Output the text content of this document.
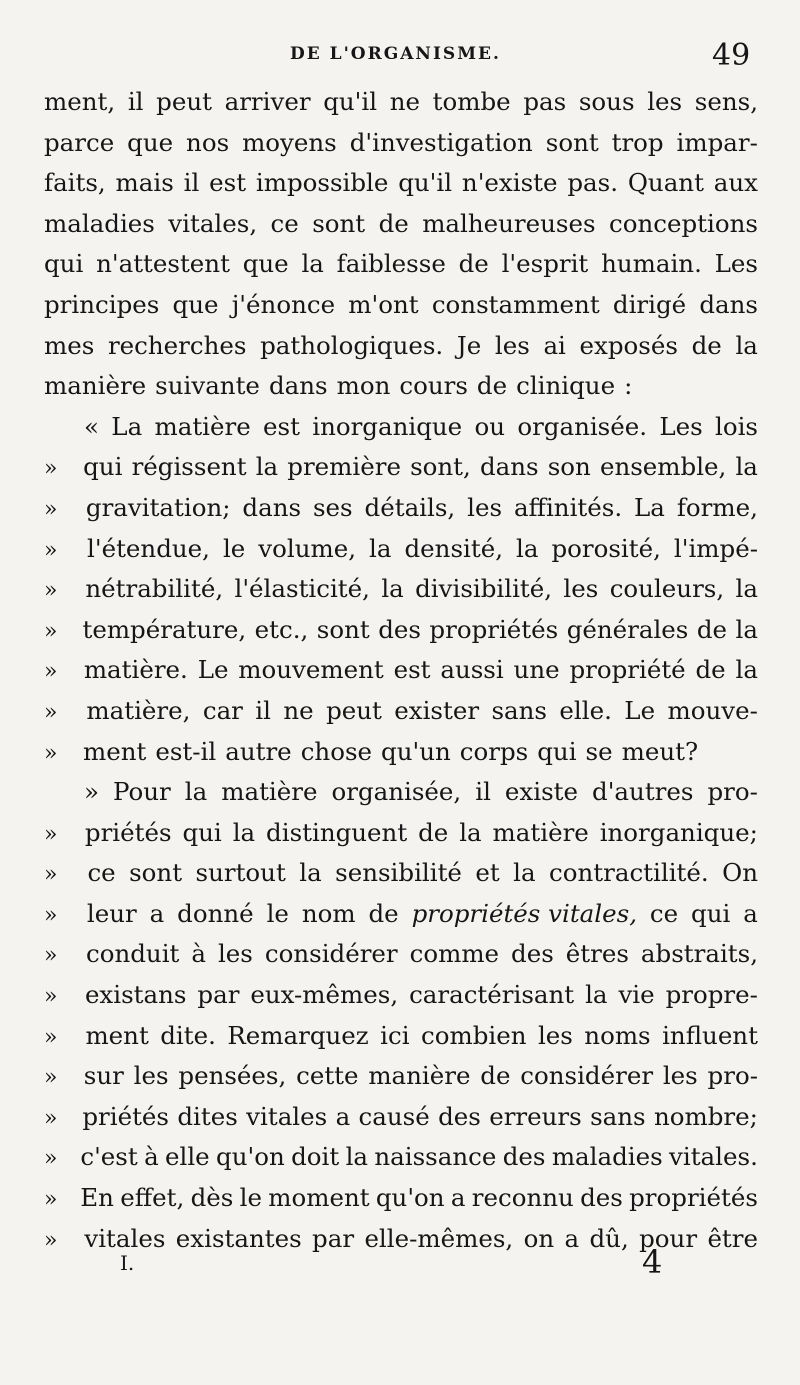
DE L'ORGANISME.	49
ment, il peut arriver qu'il ne tombe pas sous les sens,
parce que nos moyens d'investigation sont trop impar-
faits, mais il est impossible qu'il n'existe pas. Quant aux
maladies vitales, ce sont de malheureuses conceptions
qui n'attestent que la faiblesse de l'esprit humain. Les
principes que j'énonce m'ont constamment dirigé dans
mes recherches pathologiques. Je les ai exposés de la
manière suivante dans mon cours de clinique :
« La matière est inorganique ou organisée. Les lois
»	qui régissent la première sont, dans son ensemble, la
»	gravitation; dans ses détails, les affinités. La forme,
»	l'étendue, le volume, la densité, la porosité, l'impé-
»	nétrabilité, l'élasticité, la divisibilité, les couleurs, la
»	température, etc., sont des propriétés générales de la
»	matière. Le mouvement est aussi une propriété de la
»	matière, car il ne peut exister sans elle. Le mouve-
»	ment est-il autre chose qu'un corps qui se meut?
» Pour la matière organisée, il existe d'autres pro-
»	priétés qui la distinguent de la matière inorganique;
»	ce sont surtout la sensibilité et la contractilité. On
»	leur a donné le nom de propriétés vitales, ce qui a
»	conduit à les considérer comme des êtres abstraits,
»	existans par eux-mêmes, caractérisant la vie propre-
»	ment dite. Remarquez ici combien les noms influent
»	sur les pensées, cette manière de considérer les pro-
»	priétés dites vitales a causé des erreurs sans nombre;
» c'est à elle qu'on doit la naissance des maladies vitales.
» En effet, dès le moment qu'on a reconnu des propriétés
»	vitales existantes par elle-mêmes, on a dû, pour être
I.	4
